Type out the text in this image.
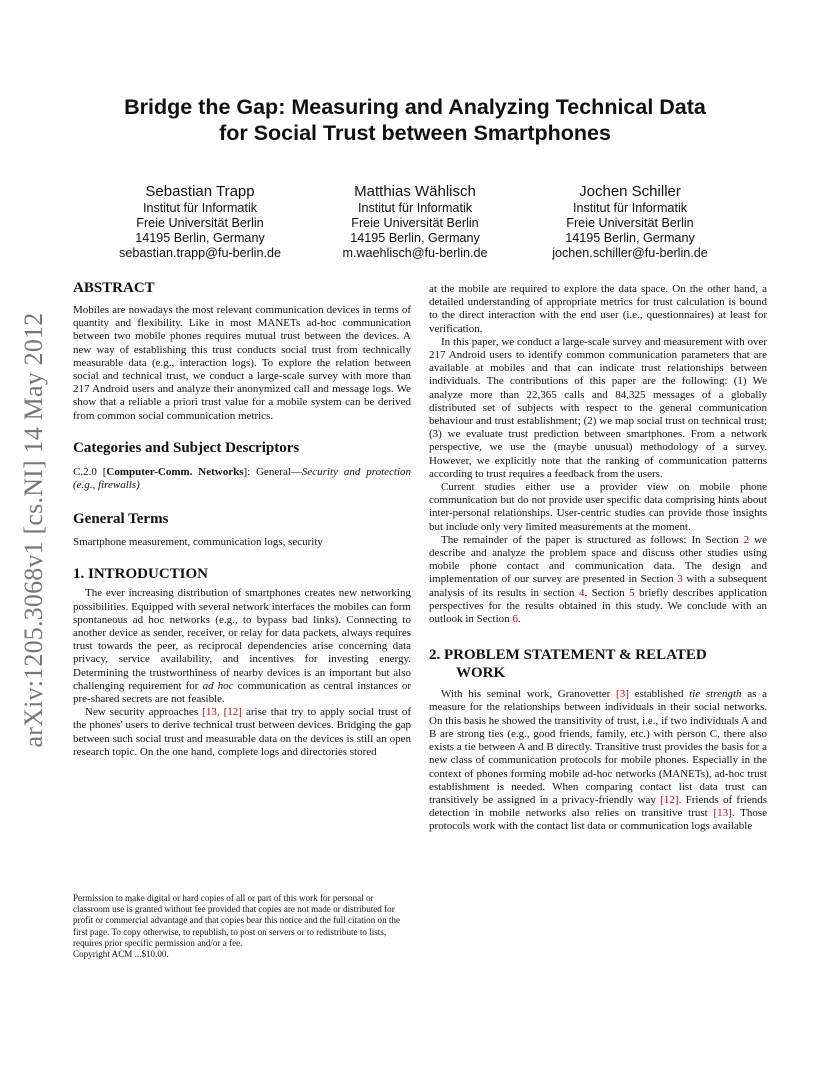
arXiv:1205.3068v1 [cs.NI] 14 May 2012
Bridge the Gap: Measuring and Analyzing Technical Data
for Social Trust between Smartphones
Sebastian Trapp
Institut für Informatik
Freie Universität Berlin
14195 Berlin, Germany
sebastian.trapp@fu-berlin.de
Matthias Wählisch
Institut für Informatik
Freie Universität Berlin
14195 Berlin, Germany
m.waehlisch@fu-berlin.de
Jochen Schiller
Institut für Informatik
Freie Universität Berlin
14195 Berlin, Germany
jochen.schiller@fu-berlin.de
ABSTRACT

Mobiles are nowadays the most relevant communication devices in terms of quantity and flexibility. Like in most MANETs ad-hoc communication between two mobile phones requires mutual trust between the devices. A new way of establishing this trust conducts social trust from technically measurable data (e.g., interaction logs). To explore the relation between social and technical trust, we conduct a large-scale survey with more than 217 Android users and analyze their anonymized call and message logs. We show that a reliable a priori trust value for a mobile system can be derived from common social communication metrics.

Categories and Subject Descriptors

C.2.0 [Computer-Comm. Networks]: General—Security and protection (e.g., firewalls)

General Terms

Smartphone measurement, communication logs, security

1. INTRODUCTION

The ever increasing distribution of smartphones creates new networking possibilities. Equipped with several network interfaces the mobiles can form spontaneous ad hoc networks (e.g., to bypass bad links). Connecting to another device as sender, receiver, or relay for data packets, always requires trust towards the peer, as reciprocal dependencies arise concerning data privacy, service availability, and incentives for investing energy. Determining the trustworthiness of nearby devices is an important but also challenging requirement for ad hoc communication as central instances or pre-shared secrets are not feasible.

New security approaches [13, [12] arise that try to apply social trust of the phones' users to derive technical trust between devices. Bridging the gap between such social trust and measurable data on the devices is still an open research topic. On the one hand, complete logs and directories stored

Permission to make digital or hard copies of all or part of this work for personal or classroom use is granted without fee provided that copies are not made or distributed for profit or commercial advantage and that copies bear this notice and the full citation on the first page. To copy otherwise, to republish, to post on servers or to redistribute to lists, requires prior specific permission and/or a fee.
Copyright ACM ...$10.00.

at the mobile are required to explore the data space. On the other hand, a detailed understanding of appropriate metrics for trust calculation is bound to the direct interaction with the end user (i.e., questionnaires) at least for verification.

In this paper, we conduct a large-scale survey and measurement with over 217 Android users to identify common communication parameters that are available at mobiles and that can indicate trust relationships between individuals. The contributions of this paper are the following: (1) We analyze more than 22,365 calls and 84,325 messages of a globally distributed set of subjects with respect to the general communication behaviour and trust establishment; (2) we map social trust on technical trust; (3) we evaluate trust prediction between smartphones. From a network perspective, we use the (maybe unusual) methodology of a survey. However, we explicitly note that the ranking of communication patterns according to trust requires a feedback from the users.

Current studies either use a provider view on mobile phone communication but do not provide user specific data comprising hints about inter-personal relationships. User-centric studies can provide those insights but include only very limited measurements at the moment.

The remainder of the paper is structured as follows: In Section 2 we describe and analyze the problem space and discuss other studies using mobile phone contact and communication data. The design and implementation of our survey are presented in Section 3 with a subsequent analysis of its results in section 4. Section 5 briefly describes application perspectives for the results obtained in this study. We conclude with an outlook in Section 6.

2. PROBLEM STATEMENT & RELATED
WORK

With his seminal work, Granovetter [3] established tie strength as a measure for the relationships between individuals in their social networks. On this basis he showed the transitivity of trust, i.e., if two individuals A and B are strong ties (e.g., good friends, family, etc.) with person C, there also exists a tie between A and B directly. Transitive trust provides the basis for a new class of communication protocols for mobile phones. Especially in the context of phones forming mobile ad-hoc networks (MANETs), ad-hoc trust establishment is needed. When comparing contact list data trust can transitively be assigned in a privacy-friendly way [12]. Friends of friends detection in mobile networks also relies on transitive trust [13]. Those protocols work with the contact list data or communication logs available
